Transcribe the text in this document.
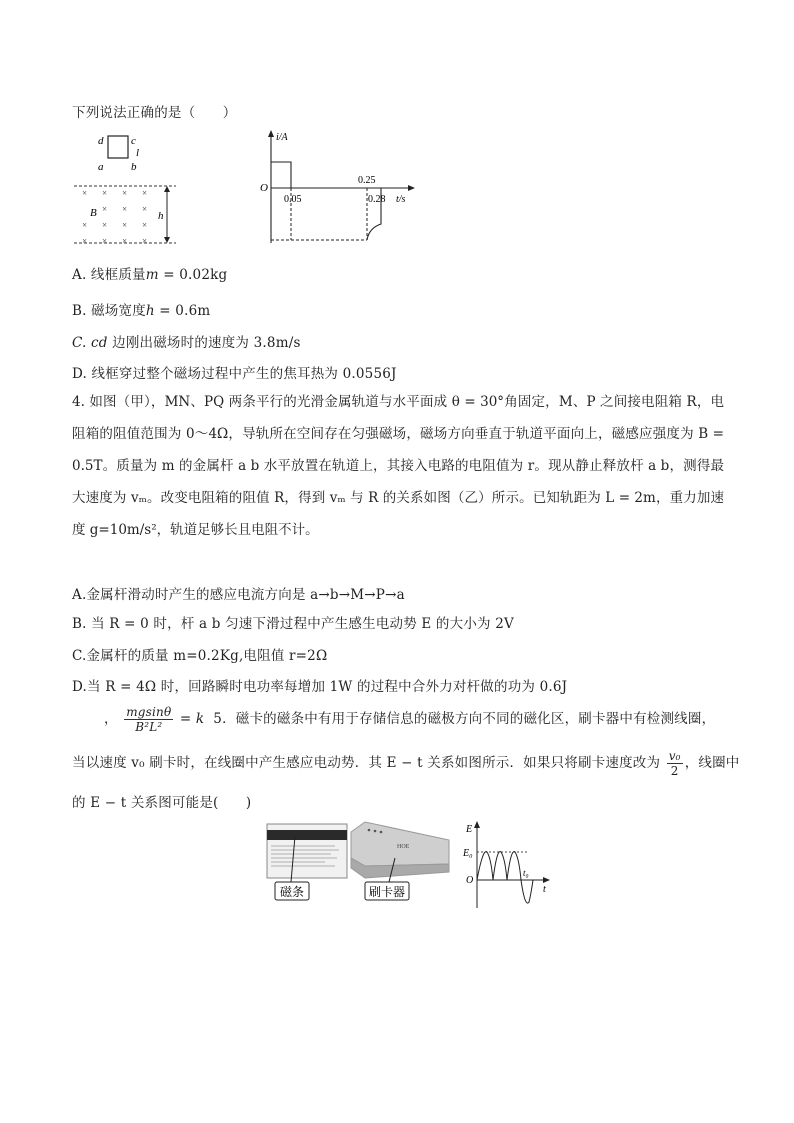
下列说法正确的是（　　）
d	c
a	b
l
× × × ×
× × ×
× × × ×
× × × ×
B	h
i/A
t/s
O
0.05
0.25
0.28
A. 线框质量m = 0.02kg
B. 磁场宽度h = 0.6m
C. cd 边刚出磁场时的速度为 3.8m/s
D. 线框穿过整个磁场过程中产生的焦耳热为 0.0556J
4. 如图（甲），MN、PQ 两条平行的光滑金属轨道与水平面成 θ = 30°角固定，M、P 之间接电阻箱 R，电阻箱的阻值范围为 0～4Ω，导轨所在空间存在匀强磁场，磁场方向垂直于轨道平面向上，磁感应强度为 B = 0.5T。质量为 m 的金属杆 a b 水平放置在轨道上，其接入电路的电阻值为 r。现从静止释放杆 a b，测得最大速度为 vₘ。改变电阻箱的阻值 R，得到 vₘ 与 R 的关系如图（乙）所示。已知轨距为 L = 2m，重力加速度 g=10m/s²，轨道足够长且电阻不计。
A.金属杆滑动时产生的感应电流方向是 a→b→M→P→a
B. 当 R = 0 时，杆 a b 匀速下滑过程中产生感生电动势 E 的大小为 2V
C.金属杆的质量 m=0.2Kg,电阻值 r=2Ω
D.当 R = 4Ω 时，回路瞬时电功率每增加 1W 的过程中合外力对杆做的功为 0.6J
， $\frac{mgsin\theta}{\text{B²L²}} = k$ 5．磁卡的磁条中有用于存储信息的磁极方向不同的磁化区，刷卡器中有检测线圈，
当以速度 v₀ 刷卡时，在线圈中产生感应电动势．其 E − t 关系如图所示．如果只将刷卡速度改为 $\frac{\text{v₀}}{2}$ ，线圈中
的 E − t 关系图可能是(　　)
磁条
HOE
刷卡器
E
E₀
O
t₀
t
